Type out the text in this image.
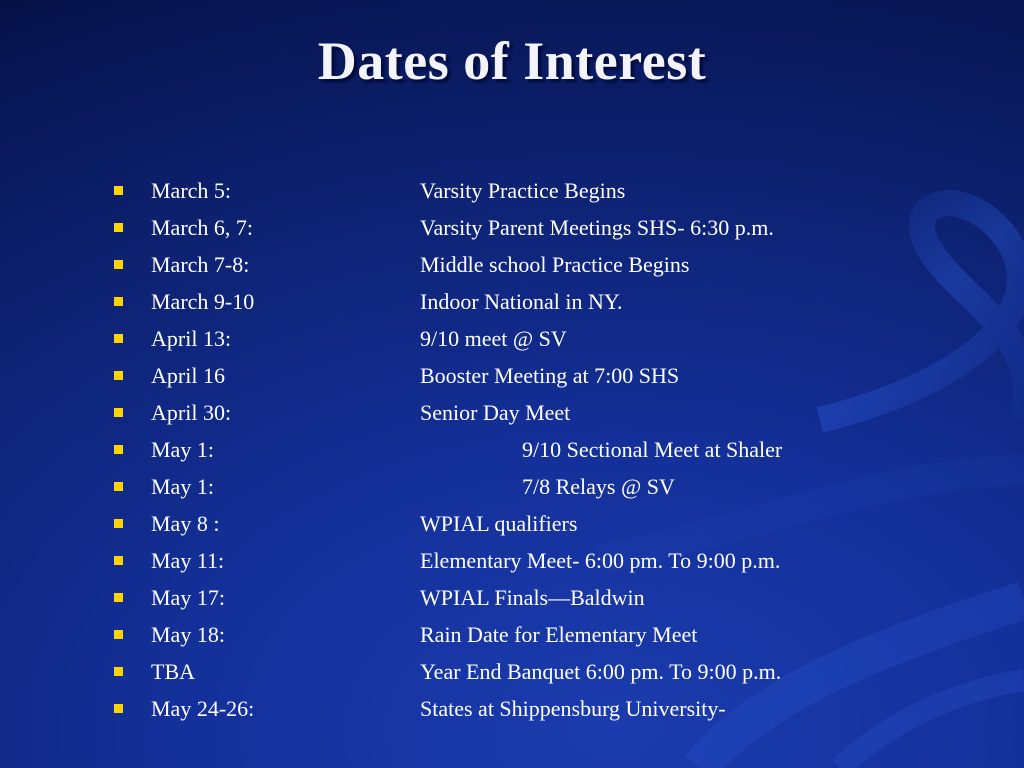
Dates of Interest
March 5:	Varsity Practice Begins
March 6, 7:	Varsity Parent Meetings SHS- 6:30 p.m.
March 7-8:	Middle school Practice Begins
March 9-10	Indoor National in NY.
April 13:	9/10 meet @ SV
April 16	Booster Meeting at 7:00 SHS
April 30:	Senior Day Meet
May 1:	9/10 Sectional Meet at Shaler
May 1:	7/8 Relays @ SV
May 8 :	WPIAL qualifiers
May 11:	Elementary Meet- 6:00 pm. To 9:00 p.m.
May 17:	WPIAL Finals—Baldwin
May 18:	Rain Date for Elementary Meet
TBA	Year End Banquet 6:00 pm. To 9:00 p.m.
May 24-26:	States at Shippensburg University-
